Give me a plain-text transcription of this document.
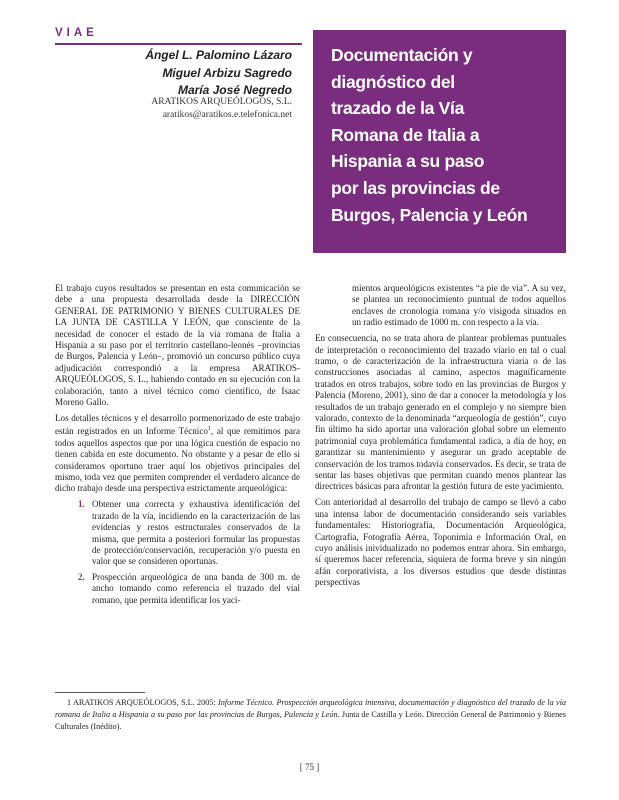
VIAE
Ángel L. Palomino Lázaro
Miguel Arbizu Sagredo
María José Negredo
ARATIKOS ARQUEÓLOGOS, S.L.
aratikos@aratikos.e.telefonica.net
Documentación y
diagnóstico del
trazado de la Vía
Romana de Italia a
Hispania a su paso
por las provincias de
Burgos, Palencia y León

El trabajo cuyos resultados se presentan en esta comunicación se debe a una propuesta desarrollada desde la DIRECCIÓN GENERAL DE PATRIMONIO Y BIENES CULTURALES DE LA JUNTA DE CASTILLA Y LEÓN, que consciente de la necesidad de conocer el estado de la vía romana de Italia a Hispania a su paso por el territorio castellano-leonés –provincias de Burgos, Palencia y León–, promovió un concurso público cuya adjudicación correspondió a la empresa ARATIKOS-ARQUEÓLOGOS, S. L., habiendo contado en su ejecución con la colaboración, tanto a nivel técnico como científico, de Isaac Moreno Gallo.

Los detalles técnicos y el desarrollo pormenorizado de este trabajo están registrados en un Informe Técnico$^1$, al que remitimos para todos aquellos aspectos que por una lógica cuestión de espacio no tienen cabida en este documento. No obstante y a pesar de ello si consideramos oportuno traer aquí los objetivos principales del mismo, toda vez que permiten comprender el verdadero alcance de dicho trabajo desde una perspectiva estrictamente arqueológica:

1. Obtener una correcta y exhaustiva identificación del trazado de la vía, incidiendo en la caracterización de las evidencias y restos estructurales conservados de la misma, que permita a posteriori formular las propuestas de protección/conservación, recuperación y/o puesta en valor que se consideren oportunas.
2. Prospección arqueológica de una banda de 300 m. de ancho tomando como referencia el trazado del vial romano, que permita identificar los yaci-

mientos arqueológicos existentes “a pie de vía”. A su vez, se plantea un reconocimiento puntual de todos aquellos enclaves de cronología romana y/o visigoda situados en un radio estimado de 1000 m. con respecto a la vía.

En consecuencia, no se trata ahora de plantear problemas puntuales de interpretación o reconocimiento del trazado viario en tal o cual tramo, o de caracterización de la infraestructura viaria o de las construcciones asociadas al camino, aspectos magníficamente tratados en otros trabajos, sobre todo en las provincias de Burgos y Palencia (Moreno, 2001), sino de dar a conocer la metodología y los resultados de un trabajo generado en el complejo y no siempre bien valorado, contexto de la denominada “arqueología de gestión”, cuyo fin último ha sido aportar una valoración global sobre un elemento patrimonial cuya problemática fundamental radica, a día de hoy, en garantizar su mantenimiento y asegurar un grado aceptable de conservación de los tramos todavía conservados. Es decir, se trata de sentar las bases objetivas que permitan cuando menos plantear las directrices básicas para afrontar la gestión futura de este yacimiento.

Con anterioridad al desarrollo del trabajo de campo se llevó a cabo una intensa labor de documentación considerando seis variables fundamentales: Historiografía, Documentación Arqueológica, Cartografía, Fotografía Aérea, Toponimia e Información Oral, en cuyo análisis inividualizado no podemos entrar ahora. Sin embargo, sí queremos hacer referencia, siquiera de forma breve y sin ningún afán corporativista, a los diversos estudios que desde distintas perspectivas

1 ARATIKOS ARQUEÓLOGOS, S.L. 2005: Informe Técnico. Prospección arqueológica intensiva, documentación y diagnóstico del trazado de la vía romana de Italia a Hispania a su paso por las provincias de Burgos, Palencia y León. Junta de Castilla y León. Dirección General de Patrimonio y Bienes Culturales (Inédito).
[ 75 ]
